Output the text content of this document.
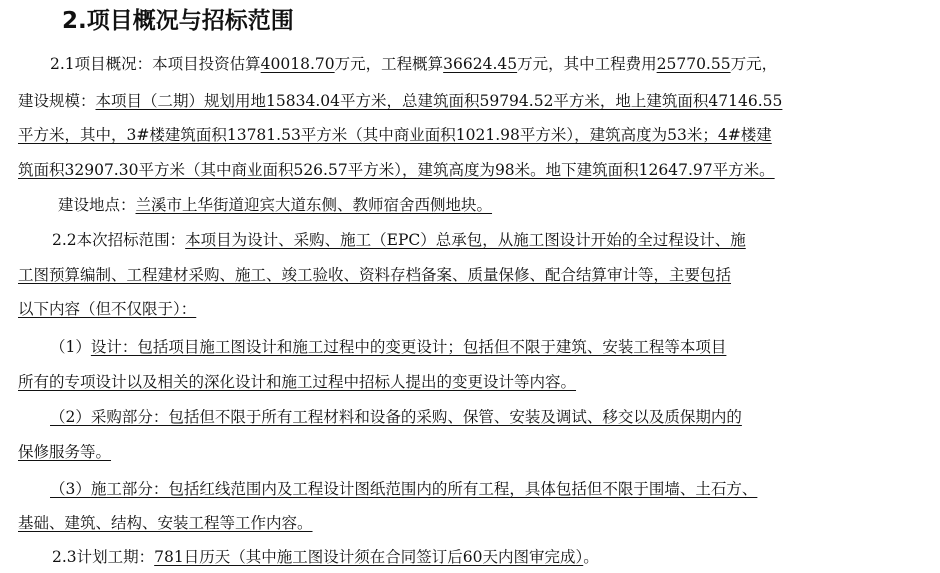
2.项目概况与招标范围
2.1项目概况：本项目投资估算40018.70万元，工程概算36624.45万元，其中工程费用25770.55万元，
建设规模：本项目（二期）规划用地15834.04平方米，总建筑面积59794.52平方米，地上建筑面积47146.55
平方米，其中，3#楼建筑面积13781.53平方米（其中商业面积1021.98平方米），建筑高度为53米；4#楼建
筑面积32907.30平方米（其中商业面积526.57平方米），建筑高度为98米。地下建筑面积12647.97平方米。
建设地点：兰溪市上华街道迎宾大道东侧、教师宿舍西侧地块。
2.2本次招标范围：本项目为设计、采购、施工（EPC）总承包，从施工图设计开始的全过程设计、施
工图预算编制、工程建材采购、施工、竣工验收、资料存档备案、质量保修、配合结算审计等，主要包括
以下内容（但不仅限于）：
（1）设计：包括项目施工图设计和施工过程中的变更设计；包括但不限于建筑、安装工程等本项目
所有的专项设计以及相关的深化设计和施工过程中招标人提出的变更设计等内容。
（2）采购部分：包括但不限于所有工程材料和设备的采购、保管、安装及调试、移交以及质保期内的
保修服务等。
（3）施工部分：包括红线范围内及工程设计图纸范围内的所有工程，具体包括但不限于围墙、土石方、
基础、建筑、结构、安装工程等工作内容。
2.3计划工期：781日历天（其中施工图设计须在合同签订后60天内图审完成）。
